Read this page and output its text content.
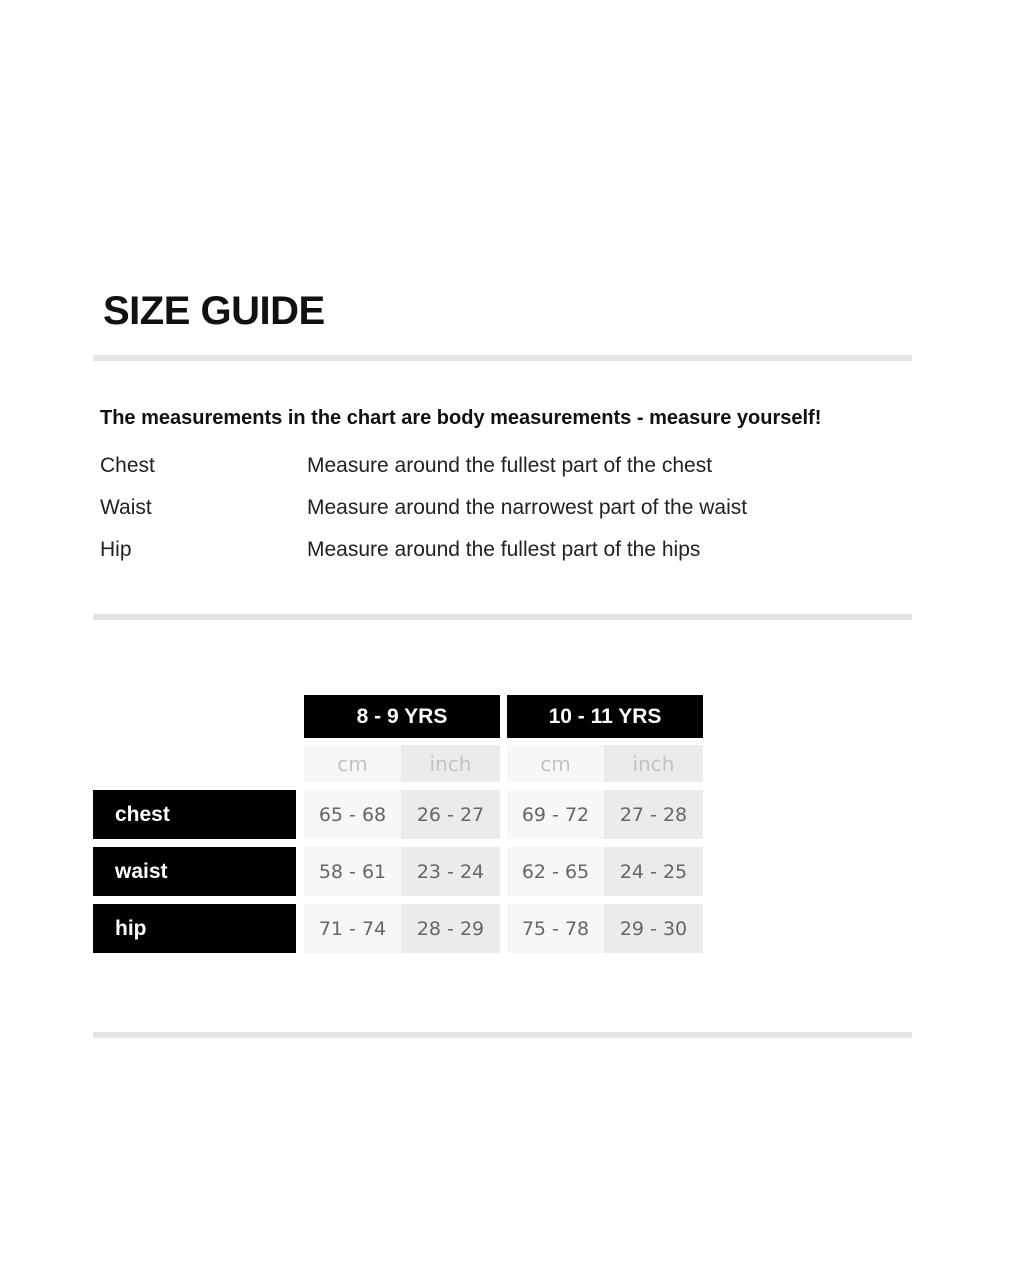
SIZE GUIDE
The measurements in the chart are body measurements - measure yourself!
Chest	Measure around the fullest part of the chest
Waist	Measure around the narrowest part of the waist
Hip	Measure around the fullest part of the hips
8 - 9 YRS	10 - 11 YRS
cm	inch	cm	inch
chest	65 - 68	26 - 27	69 - 72	27 - 28
waist	58 - 61	23 - 24	62 - 65	24 - 25
hip	71 - 74	28 - 29	75 - 78	29 - 30
